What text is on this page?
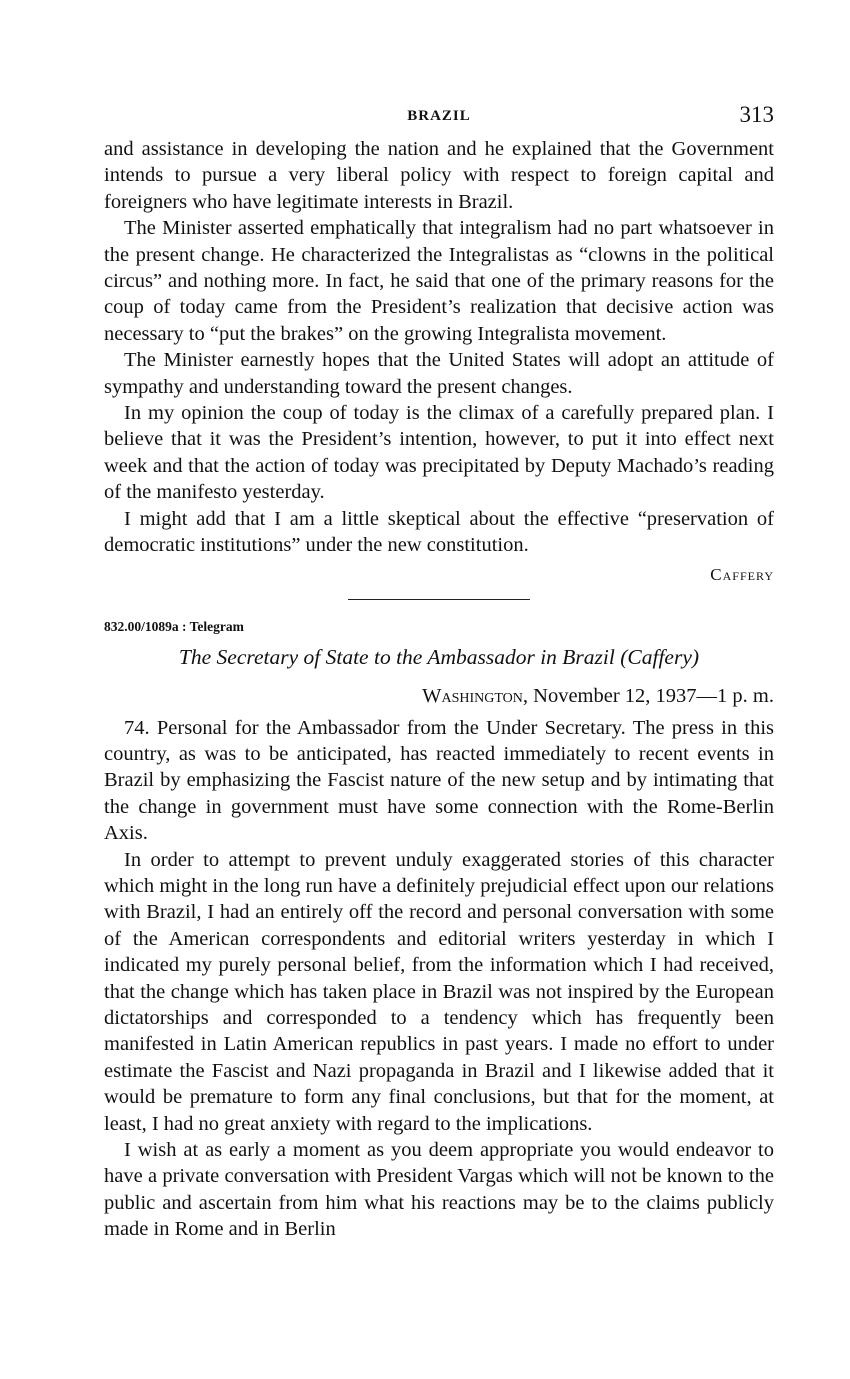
BRAZIL	313

and assistance in developing the nation and he explained that the Government intends to pursue a very liberal policy with respect to foreign capital and foreigners who have legitimate interests in Brazil.

The Minister asserted emphatically that integralism had no part whatsoever in the present change. He characterized the Integralistas as “clowns in the political circus” and nothing more. In fact, he said that one of the primary reasons for the coup of today came from the President’s realization that decisive action was necessary to “put the brakes” on the growing Integralista movement.

The Minister earnestly hopes that the United States will adopt an attitude of sympathy and understanding toward the present changes.

In my opinion the coup of today is the climax of a carefully prepared plan. I believe that it was the President’s intention, however, to put it into effect next week and that the action of today was precipitated by Deputy Machado’s reading of the manifesto yesterday.

I might add that I am a little skeptical about the effective “preservation of democratic institutions” under the new constitution.

Caffery
832.00/1089a : Telegram
The Secretary of State to the Ambassador in Brazil (Caffery)
Washington, November 12, 1937—1 p. m.

74. Personal for the Ambassador from the Under Secretary. The press in this country, as was to be anticipated, has reacted immediately to recent events in Brazil by emphasizing the Fascist nature of the new setup and by intimating that the change in government must have some connection with the Rome-Berlin Axis.

In order to attempt to prevent unduly exaggerated stories of this character which might in the long run have a definitely prejudicial effect upon our relations with Brazil, I had an entirely off the record and personal conversation with some of the American correspondents and editorial writers yesterday in which I indicated my purely personal belief, from the information which I had received, that the change which has taken place in Brazil was not inspired by the European dictatorships and corresponded to a tendency which has frequently been manifested in Latin American republics in past years. I made no effort to under estimate the Fascist and Nazi propaganda in Brazil and I likewise added that it would be premature to form any final conclusions, but that for the moment, at least, I had no great anxiety with regard to the implications.

I wish at as early a moment as you deem appropriate you would endeavor to have a private conversation with President Vargas which will not be known to the public and ascertain from him what his reactions may be to the claims publicly made in Rome and in Berlin
